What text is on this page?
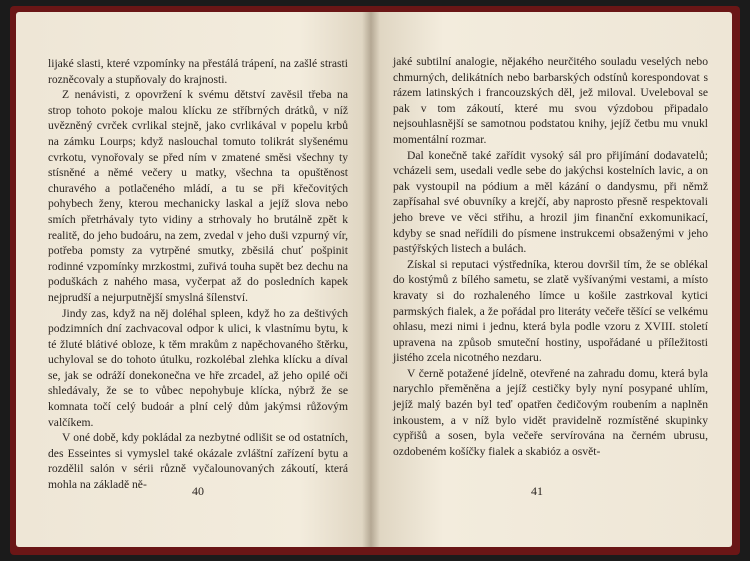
lijaké slasti, které vzpomínky na přestálá trápení, na zašlé strasti rozněcovaly a stupňovaly do krajnosti.

Z nenávisti, z opovržení k svému dětství zavěsil třeba na strop tohoto pokoje malou klícku ze stříbrných drátků, v níž uvězněný cvrček cvrlikal stejně, jako cvrlikával v popelu krbů na zámku Lourps; když naslouchal tomuto tolikrát slyšenému cvrkotu, vynořovaly se před ním v zmatené směsi všechny ty stísněné a němé večery u matky, všechna ta opuštěnost churavého a potlačeného mládí, a tu se při křečovitých pohybech ženy, kterou mechanicky laskal a jejíž slova nebo smích přetrhávaly tyto vidiny a strhovaly ho brutálně zpět k realitě, do jeho budoáru, na zem, zvedal v jeho duši vzpurný vír, potřeba pomsty za vytrpěné smutky, zběsilá chuť pošpinit rodinné vzpomínky mrzkostmi, zuřivá touha supět bez dechu na poduškách z nahého masa, vyčerpat až do posledních kapek nejprudší a nejurputnější smyslná šílenství.

Jindy zas, když na něj doléhal spleen, když ho za deštivých podzimních dní zachvacoval odpor k ulici, k vlastnímu bytu, k té žluté blátivé obloze, k těm mrakům z napěchovaného štěrku, uchyloval se do tohoto útulku, rozkolébal zlehka klícku a díval se, jak se odráží donekonečna ve hře zrcadel, až jeho opilé oči shledávaly, že se to vůbec nepohybuje klícka, nýbrž že se komnata točí celý budoár a plní celý dům jakýmsi růžovým valčíkem.

V oné době, kdy pokládal za nezbytné odlišit se od ostatních, des Esseintes si vymyslel také okázale zvláštní zařízení bytu a rozdělil salón v sérii různě vyčalounovaných zákoutí, která mohla na základě ně-	40

jaké subtilní analogie, nějakého neurčitého souladu veselých nebo chmurných, delikátních nebo barbarských odstínů korespondovat s rázem latinských i francouzských děl, jež miloval. Uveleboval se pak v tom zákoutí, které mu svou výzdobou připadalo nejsouhlasnější se samotnou podstatou knihy, jejíž četbu mu vnukl momentální rozmar.

Dal konečně také zařídit vysoký sál pro přijímání dodavatelů; vcházeli sem, usedali vedle sebe do jakýchsi kostelních lavic, a on pak vystoupil na pódium a měl kázání o dandysmu, při němž zapřísahal své obuvníky a krejčí, aby naprosto přesně respektovali jeho breve ve věci střihu, a hrozil jim finanční exkomunikací, kdyby se snad neřídili do písmene instrukcemi obsaženými v jeho pastýřských listech a bulách.

Získal si reputaci výstředníka, kterou dovršil tím, že se oblékal do kostýmů z bílého sametu, se zlatě vyšívanými vestami, a místo kravaty si do rozhaleného límce u košile zastrkoval kytici parmských fialek, a že pořádal pro literáty večeře těšící se velkému ohlasu, mezi nimi i jednu, která byla podle vzoru z XVIII. století upravena na způsob smuteční hostiny, uspořádané u příležitosti jistého zcela nicotného nezdaru.

V černě potažené jídelně, otevřené na zahradu domu, která byla narychlo přeměněna a jejíž cestičky byly nyní posypané uhlím, jejíž malý bazén byl teď opatřen čedičovým roubením a naplněn inkoustem, a v níž bylo vidět pravidelně rozmístěné skupinky cypřišů a sosen, byla večeře servírována na černém ubrusu, ozdobeném košíčky fialek a skabióz a osvět-

41
